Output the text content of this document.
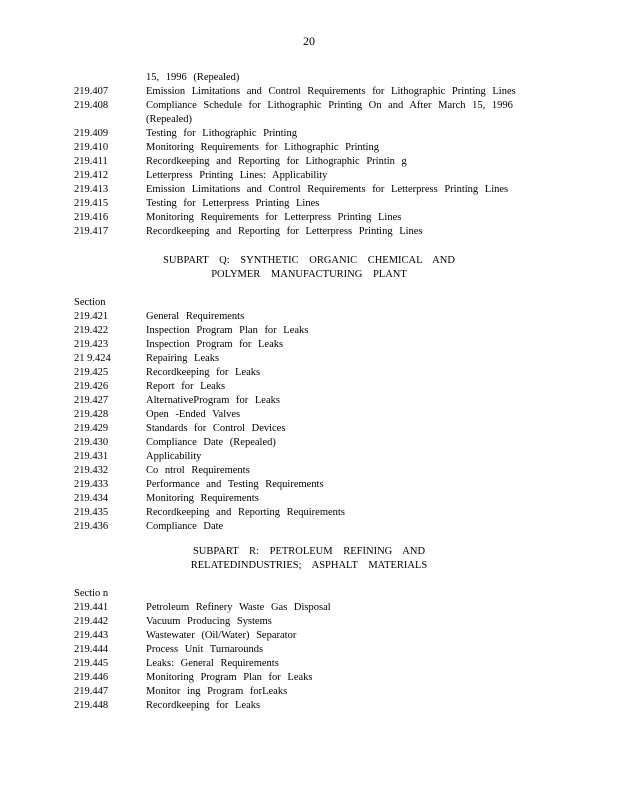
20
15, 1996 (Repealed)
219.407	Emission Limitations and Control Requirements for Lithographic Printing Lines
219.408	Compliance Schedule for Lithographic Printing On and After March 15, 1996
(Repealed)
219.409	Testing for Lithographic Printing
219.410	Monitoring Requirements for Lithographic Printing
219.411	Recordkeeping and Reporting for Lithographic Printin g
219.412	Letterpress Printing Lines: Applicability
219.413	Emission Limitations and Control Requirements for Letterpress Printing Lines
219.415	Testing for Letterpress Printing Lines
219.416	Monitoring Requirements for Letterpress Printing Lines
219.417	Recordkeeping and Reporting for Letterpress Printing Lines
SUBPART Q: SYNTHETIC ORGANIC CHEMICAL AND
POLYMER MANUFACTURING PLANT
Section
219.421	General Requirements
219.422	Inspection Program Plan for Leaks
219.423	Inspection Program for Leaks
21 9.424	Repairing Leaks
219.425	Recordkeeping for Leaks
219.426	Report for Leaks
219.427	AlternativeProgram for Leaks
219.428	Open -Ended Valves
219.429	Standards for Control Devices
219.430	Compliance Date (Repealed)
219.431	Applicability
219.432	Co ntrol Requirements
219.433	Performance and Testing Requirements
219.434	Monitoring Requirements
219.435	Recordkeeping and Reporting Requirements
219.436	Compliance Date
SUBPART R: PETROLEUM REFINING AND
RELATEDINDUSTRIES; ASPHALT MATERIALS
Sectio n
219.441	Petroleum Refinery Waste Gas Disposal
219.442	Vacuum Producing Systems
219.443	Wastewater (Oil/Water) Separator
219.444	Process Unit Turnarounds
219.445	Leaks: General Requirements
219.446	Monitoring Program Plan for Leaks
219.447	Monitor ing Program forLeaks
219.448	Recordkeeping for Leaks
